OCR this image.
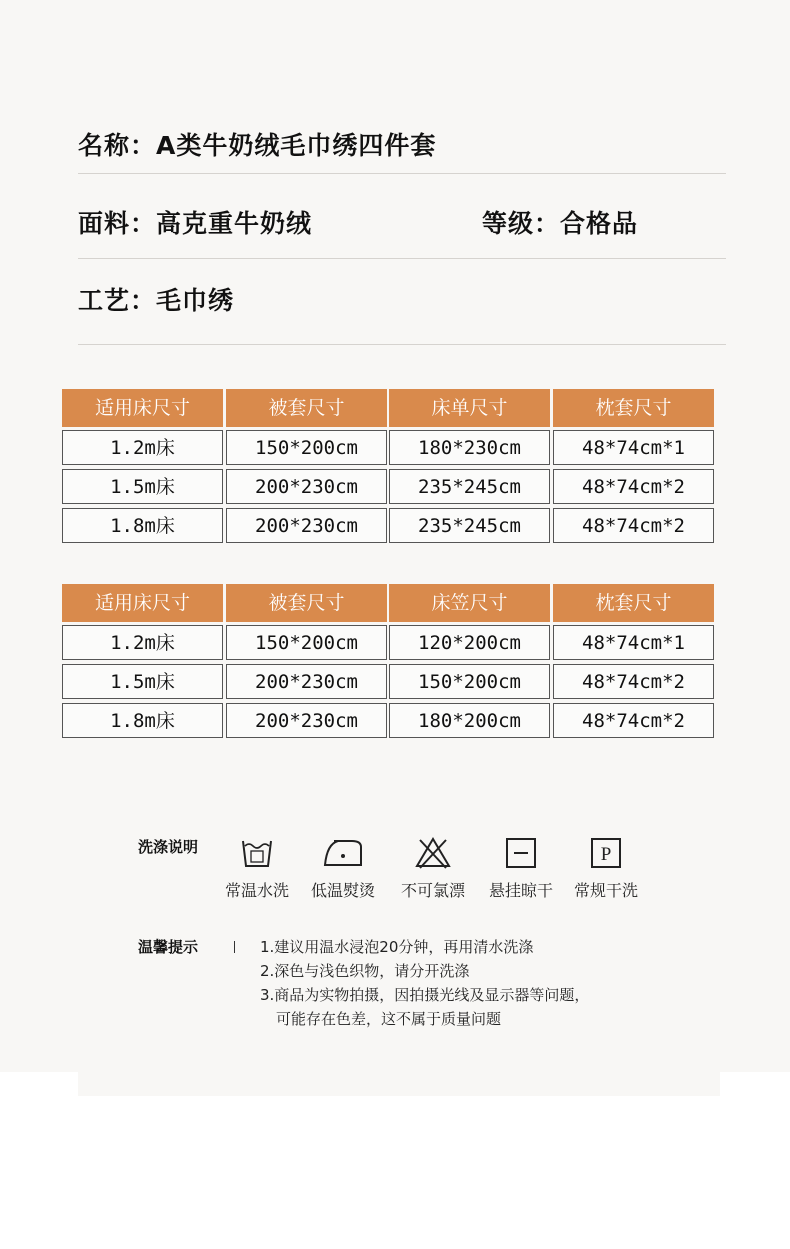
名称：A类牛奶绒毛巾绣四件套
面料：高克重牛奶绒	等级：合格品
工艺：毛巾绣
适用床尺寸	被套尺寸	床单尺寸	枕套尺寸
1.2m床	150*200cm	180*230cm	48*74cm*1
1.5m床	200*230cm	235*245cm	48*74cm*2
1.8m床	200*230cm	235*245cm	48*74cm*2
适用床尺寸	被套尺寸	床笠尺寸	枕套尺寸
1.2m床	150*200cm	120*200cm	48*74cm*1
1.5m床	200*230cm	150*200cm	48*74cm*2
1.8m床	200*230cm	180*200cm	48*74cm*2
洗涤说明
常温水洗	低温熨烫	不可氯漂	悬挂晾干
P
常规干洗
温馨提示	1.建议用温水浸泡20分钟，再用清水洗涤
2.深色与浅色织物，请分开洗涤
3.商品为实物拍摄，因拍摄光线及显示器等问题，
可能存在色差，这不属于质量问题
